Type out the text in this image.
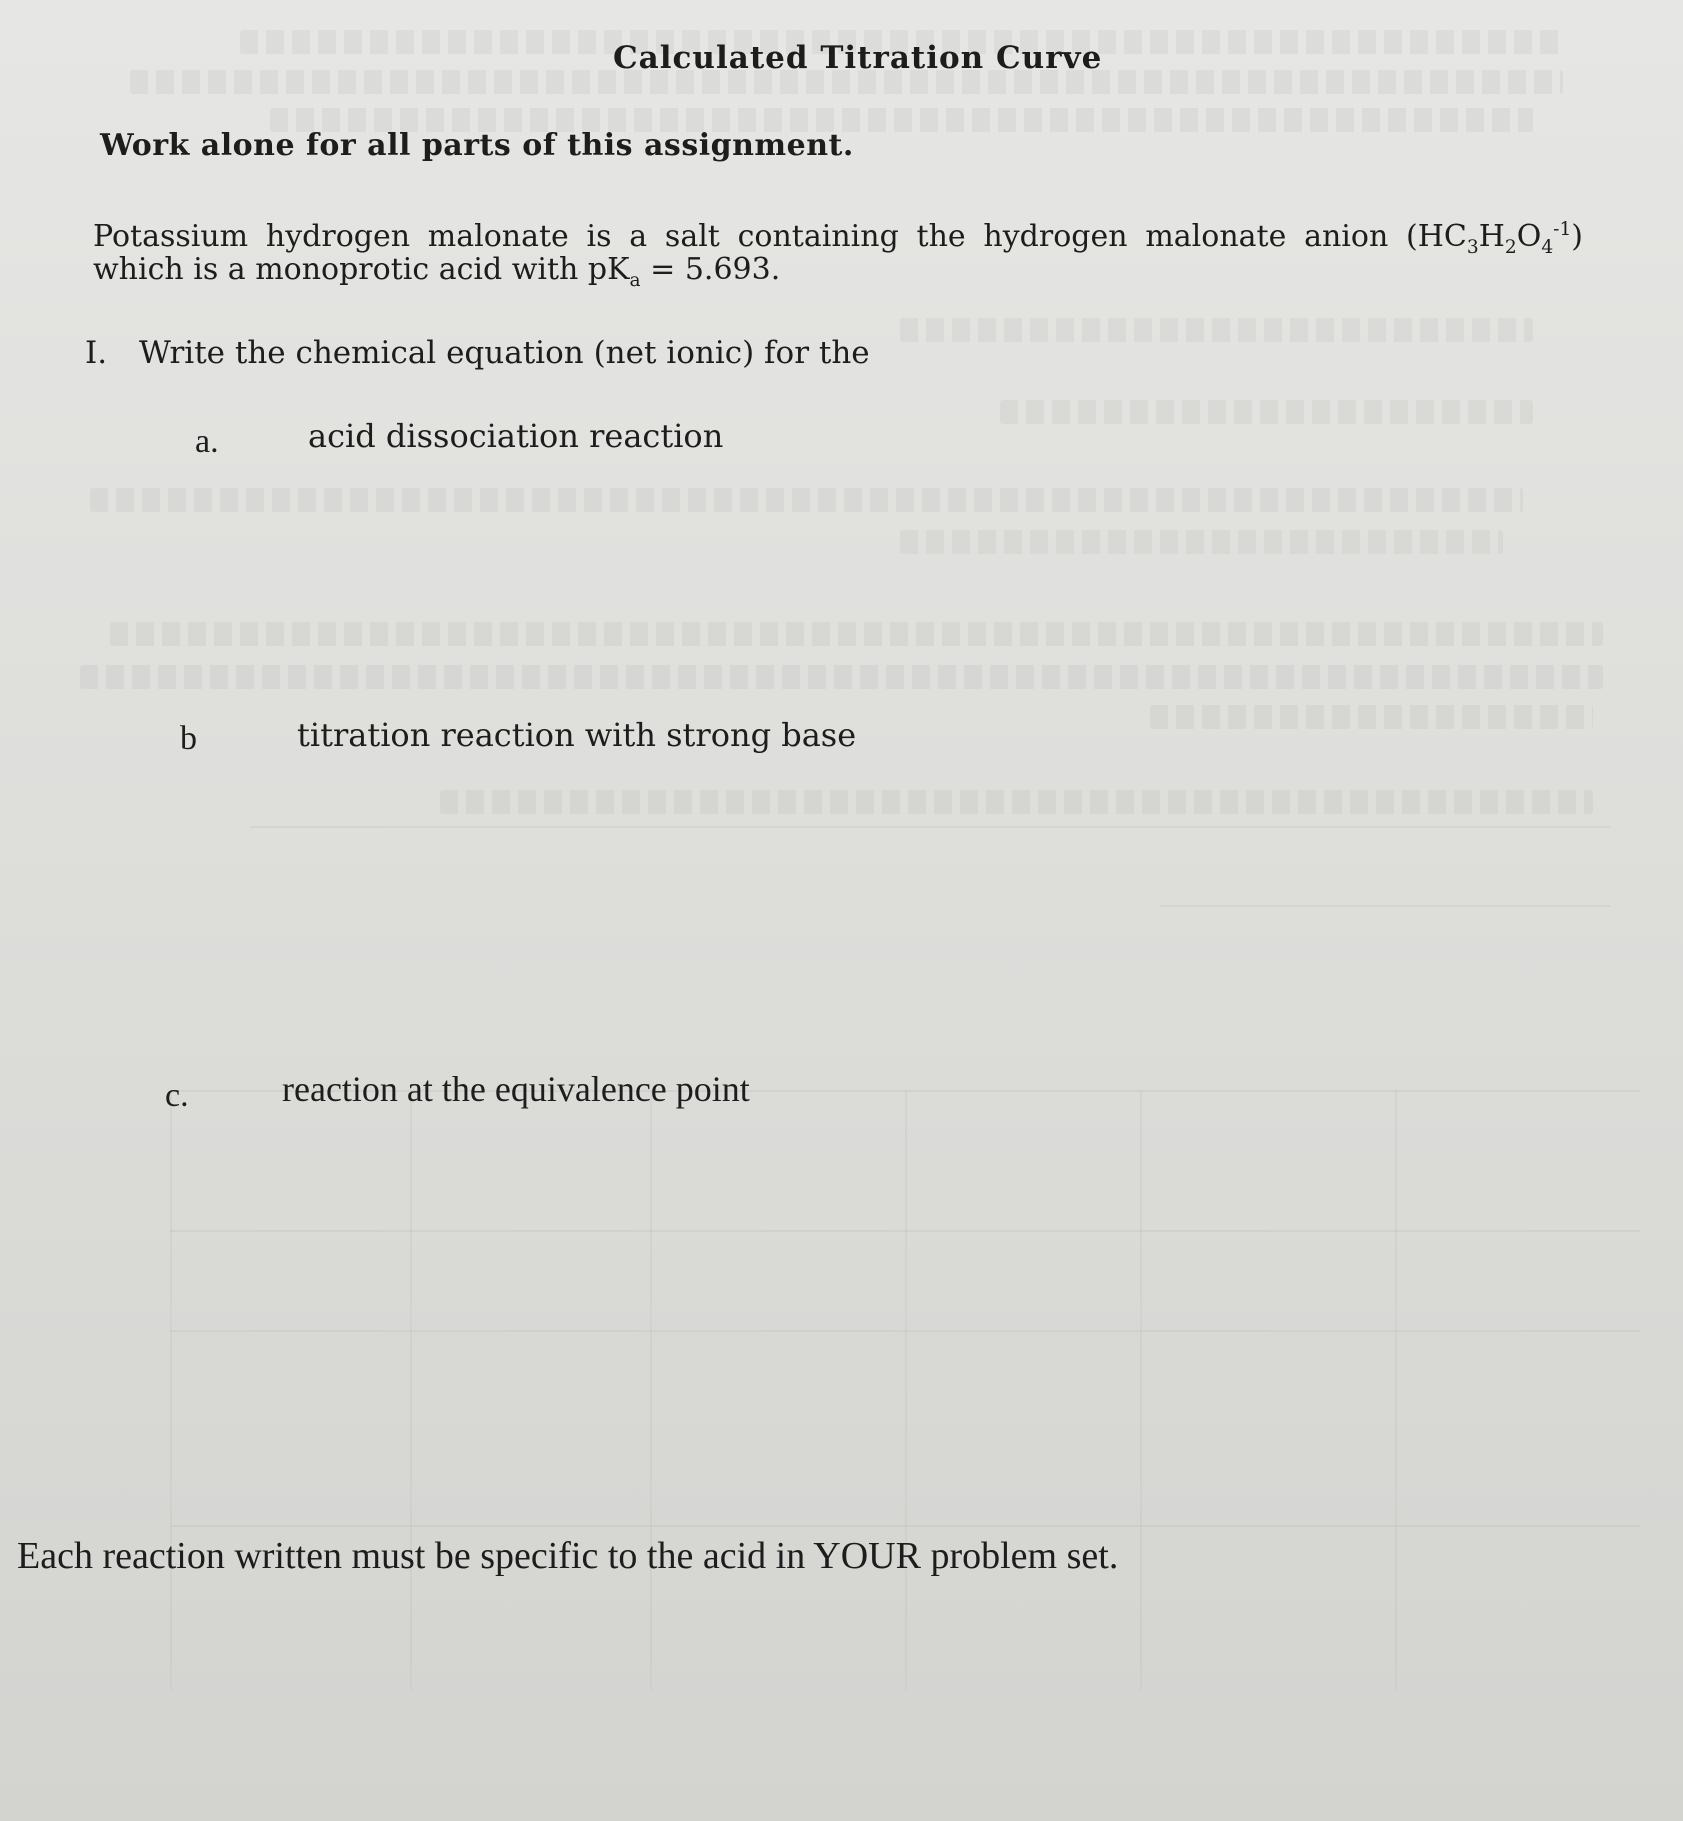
Calculated Titration Curve
Work alone for all parts of this assignment.
Potassium hydrogen malonate is a salt containing the hydrogen malonate anion $(HC_3H_2O_4^{-1})$
which is a monoprotic acid with $pK_a = 5.693$.
I. Write the chemical equation (net ionic) for the
a.	acid dissociation reaction
b	titration reaction with strong base
c.	reaction at the equivalence point
Each reaction written must be specific to the acid in YOUR problem set.
